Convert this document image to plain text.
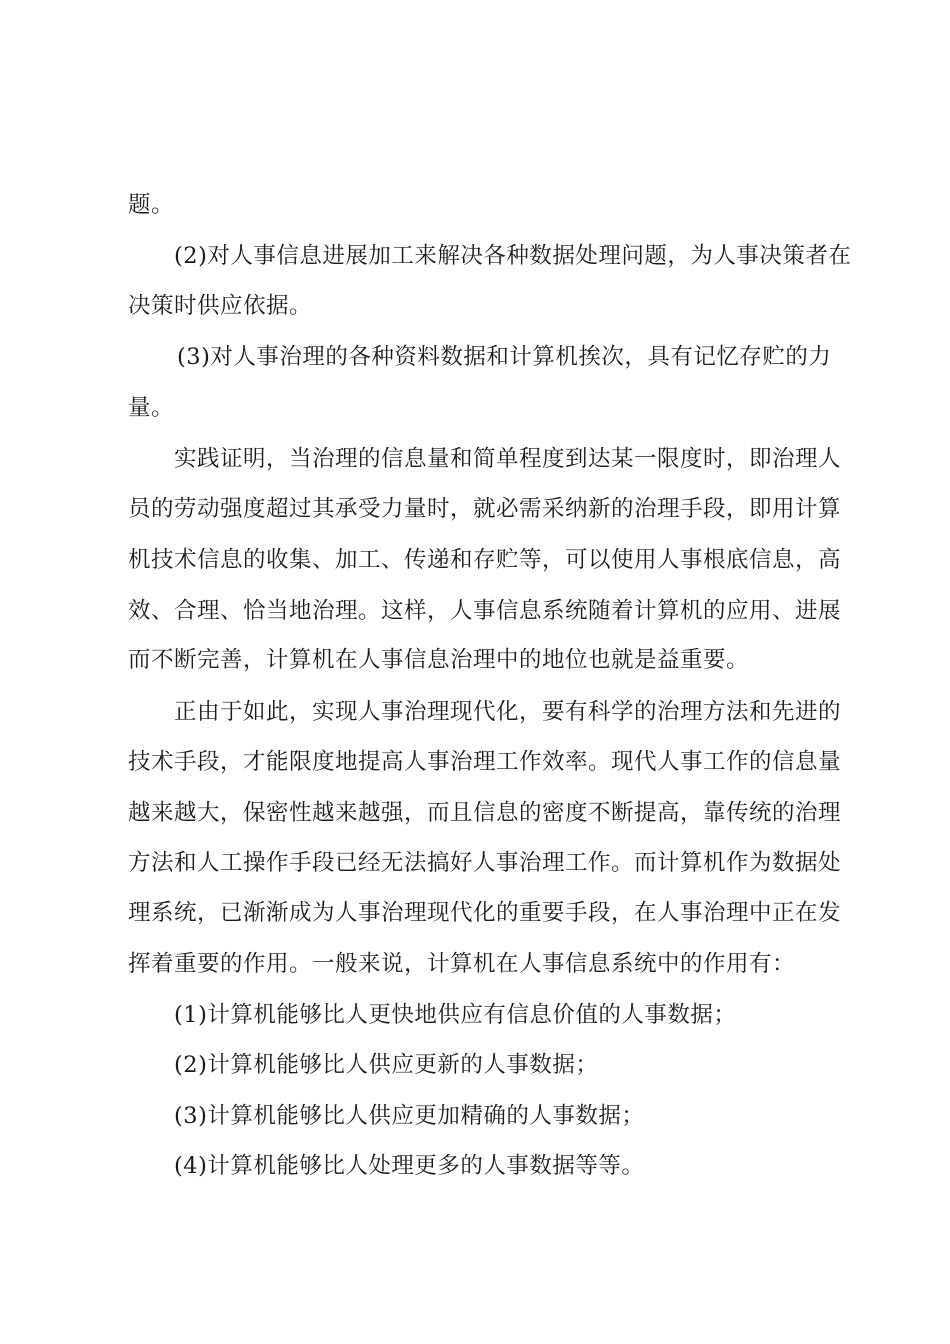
题。
(2)对人事信息进展加工来解决各种数据处理问题，为人事决策者在
决策时供应依据。
(3)对人事治理的各种资料数据和计算机挨次，具有记忆存贮的力
量。
实践证明，当治理的信息量和简单程度到达某一限度时，即治理人
员的劳动强度超过其承受力量时，就必需采纳新的治理手段，即用计算
机技术信息的收集、加工、传递和存贮等，可以使用人事根底信息，高
效、合理、恰当地治理。这样，人事信息系统随着计算机的应用、进展
而不断完善，计算机在人事信息治理中的地位也就是益重要。
正由于如此，实现人事治理现代化，要有科学的治理方法和先进的
技术手段，才能限度地提高人事治理工作效率。现代人事工作的信息量
越来越大，保密性越来越强，而且信息的密度不断提高，靠传统的治理
方法和人工操作手段已经无法搞好人事治理工作。而计算机作为数据处
理系统，已渐渐成为人事治理现代化的重要手段，在人事治理中正在发
挥着重要的作用。一般来说，计算机在人事信息系统中的作用有：
(1)计算机能够比人更快地供应有信息价值的人事数据；
(2)计算机能够比人供应更新的人事数据；
(3)计算机能够比人供应更加精确的人事数据；
(4)计算机能够比人处理更多的人事数据等等。
